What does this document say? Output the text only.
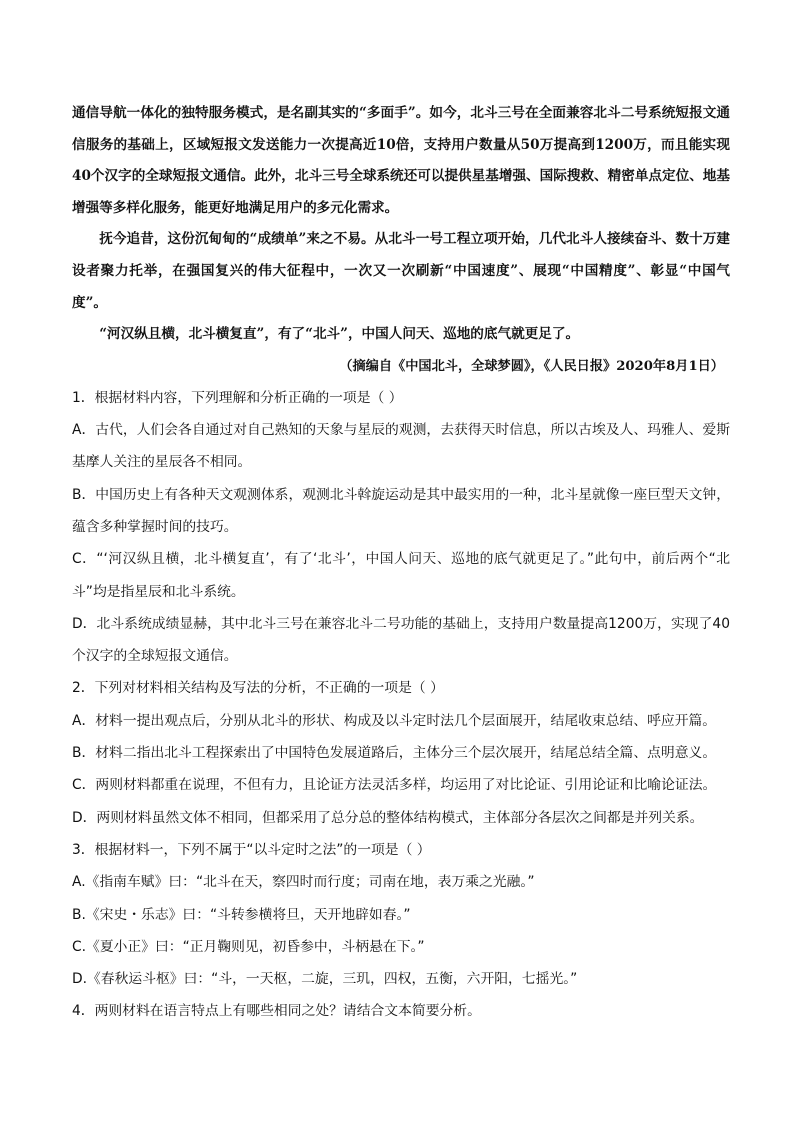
通信导航一体化的独特服务模式，是名副其实的“多面手”。如今，北斗三号在全面兼容北斗二号系统短报文通信服务的基础上，区域短报文发送能力一次提高近10倍，支持用户数量从50万提高到1200万，而且能实现40个汉字的全球短报文通信。此外，北斗三号全球系统还可以提供星基增强、国际搜救、精密单点定位、地基增强等多样化服务，能更好地满足用户的多元化需求。

抚今追昔，这份沉甸甸的“成绩单”来之不易。从北斗一号工程立项开始，几代北斗人接续奋斗、数十万建设者聚力托举，在强国复兴的伟大征程中，一次又一次刷新“中国速度”、展现“中国精度”、彰显“中国气度”。

“河汉纵且横，北斗横复直”，有了“北斗”，中国人问天、巡地的底气就更足了。

（摘编自《中国北斗，全球梦圆》，《人民日报》2020年8月1日）

1．根据材料内容，下列理解和分析正确的一项是（ ）

A．古代，人们会各自通过对自己熟知的天象与星辰的观测，去获得天时信息，所以古埃及人、玛雅人、爱斯基摩人关注的星辰各不相同。

B．中国历史上有各种天文观测体系，观测北斗斡旋运动是其中最实用的一种，北斗星就像一座巨型天文钟，蕴含多种掌握时间的技巧。

C．“‘河汉纵且横，北斗横复直’，有了‘北斗’，中国人问天、巡地的底气就更足了。”此句中，前后两个“北斗”均是指星辰和北斗系统。

D．北斗系统成绩显赫，其中北斗三号在兼容北斗二号功能的基础上，支持用户数量提高1200万，实现了40个汉字的全球短报文通信。

2．下列对材料相关结构及写法的分析，不正确的一项是（ ）

A．材料一提出观点后，分别从北斗的形状、构成及以斗定时法几个层面展开，结尾收束总结、呼应开篇。

B．材料二指出北斗工程探索出了中国特色发展道路后，主体分三个层次展开，结尾总结全篇、点明意义。

C．两则材料都重在说理，不但有力，且论证方法灵活多样，均运用了对比论证、引用论证和比喻论证法。

D．两则材料虽然文体不相同，但都采用了总分总的整体结构模式，主体部分各层次之间都是并列关系。

3．根据材料一，下列不属于“以斗定时之法”的一项是（ ）

A.《指南车赋》曰：“北斗在天，察四时而行度；司南在地，表万乘之光融。”

B.《宋史・乐志》曰：“斗转参横将旦，天开地辟如春。”

C.《夏小正》曰：“正月鞠则见，初昏参中，斗柄悬在下。”

D.《春秋运斗枢》曰：“斗，一天枢，二旋，三玑，四权，五衡，六开阳，七摇光。”

4．两则材料在语言特点上有哪些相同之处？请结合文本简要分析。
